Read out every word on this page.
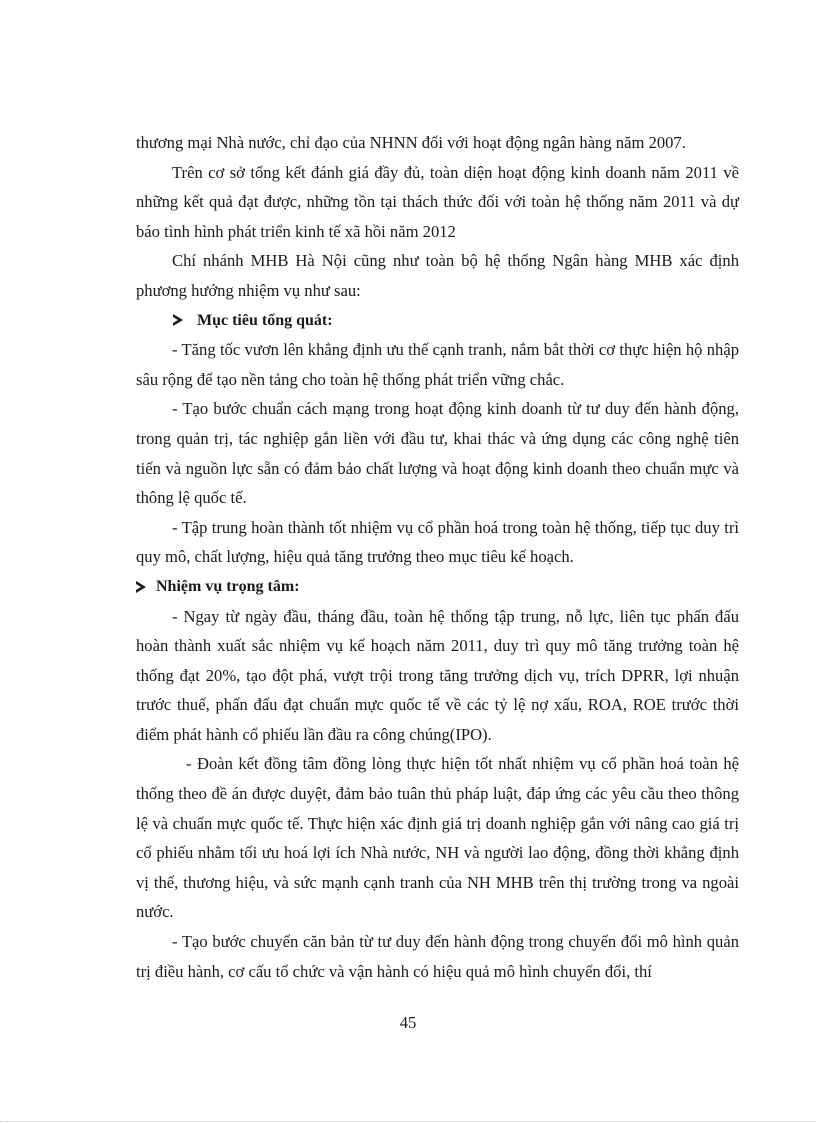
thương mại Nhà nước, chỉ đạo của NHNN đối với hoạt động ngân hàng năm 2007.

Trên cơ sở tổng kết đánh giá đầy đủ, toàn diện hoạt động kinh doanh năm 2011 về những kết quả đạt được, những tồn tại thách thức đối với toàn hệ thống năm 2011 và dự báo tình hình phát triển kinh tế xã hồi năm 2012

Chí nhánh MHB Hà Nội cũng như toàn bộ hệ thống Ngân hàng MHB xác định phương hướng nhiệm vụ như sau:

Mục tiêu tổng quát:

- Tăng tốc vươn lên khẳng định ưu thế cạnh tranh, nắm bắt thời cơ thực hiện hộ nhập sâu rộng để tạo nền tảng cho toàn hệ thống phát triển vững chắc.

- Tạo bước chuẩn cách mạng trong hoạt động kinh doanh từ tư duy đến hành động, trong quản trị, tác nghiệp gắn liền với đầu tư, khai thác và ứng dụng các công nghệ tiên tiến và nguồn lực sẵn có đảm bảo chất lượng và hoạt động kinh doanh theo chuẩn mực và thông lệ quốc tế.

- Tập trung hoàn thành tốt nhiệm vụ cổ phần hoá trong toàn hệ thống, tiếp tục duy trì quy mô, chất lượng, hiệu quả tăng trưởng theo mục tiêu kế hoạch.

Nhiệm vụ trọng tâm:

- Ngay từ ngày đầu, tháng đầu, toàn hệ thống tập trung, nỗ lực, liên tục phấn đấu hoàn thành xuất sắc nhiệm vụ kế hoạch năm 2011, duy trì quy mô tăng trưởng toàn hệ thống đạt 20%, tạo đột phá, vượt trội trong tăng trưởng dịch vụ, trích DPRR, lợi nhuận trước thuế, phấn đấu đạt chuẩn mực quốc tế về các tỷ lệ nợ xấu, ROA, ROE trước thời điểm phát hành cổ phiếu lần đầu ra công chúng(IPO).

- Đoàn kết đồng tâm đồng lòng thực hiện tốt nhất nhiệm vụ cổ phần hoá toàn hệ thống theo đề án được duyệt, đảm bảo tuân thủ pháp luật, đáp ứng các yêu cầu theo thông lệ và chuẩn mực quốc tế. Thực hiện xác định giá trị doanh nghiệp gắn với nâng cao giá trị cổ phiếu nhằm tối ưu hoá lợi ích Nhà nước, NH và người lao động, đồng thời khẳng định vị thế, thương hiệu, và sức mạnh cạnh tranh của NH MHB trên thị trường trong va ngoài nước.

- Tạo bước chuyển căn bản từ tư duy đến hành động trong chuyển đổi mô hình quản trị điều hành, cơ cấu tổ chức và vận hành có hiệu quả mô hình chuyển đổi, thí

45
